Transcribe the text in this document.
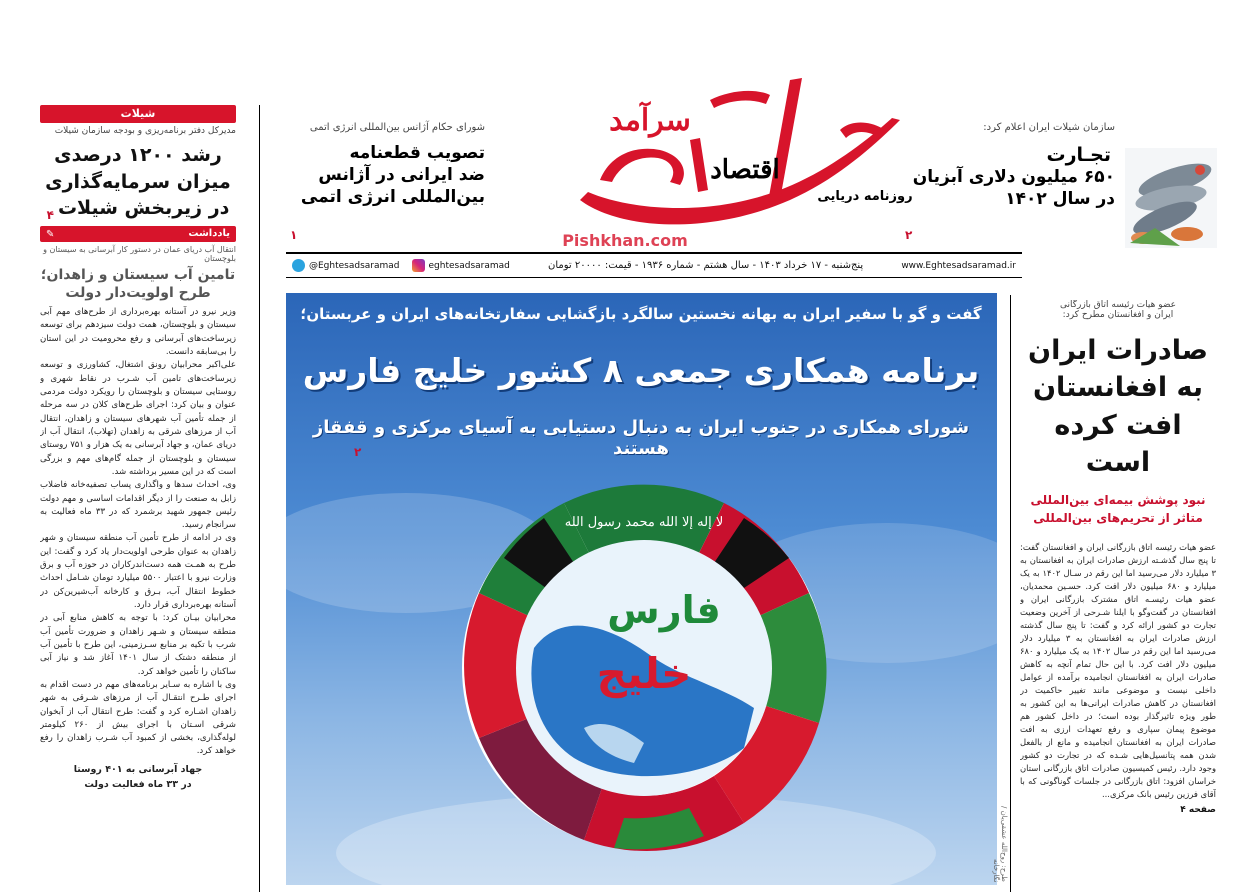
اقتصاد
روزنامه دریایی
سرآمد
Pishkhan.com
سازمان شیلات ایران اعلام کرد:
تجـارت
۶۵۰ میلیون دلاری آبزیان
در سال ۱۴۰۲
۲
شورای حکام آژانس بین‌المللی انرژی اتمی
تصویب قطعنامه
ضد ایرانی در آژانس
بین‌المللی انرژی اتمی
۱
www.Eghtesadsaramad.ir
پنج‌شنبه - ۱۷ خرداد ۱۴۰۳ - سال هشتم - شماره ۱۹۳۶ - قیمت: ۲۰۰۰۰ تومان
@Eghtesadsaramad	eghtesadsaramad
شیلات
مدیرکل دفتر برنامه‌ریزی و بودجه سازمان شیلات
رشد ۱۲۰۰ درصدی
میزان سرمایه‌گذاری
در زیربخش شیلات
۴
یادداشت
✎
انتقال آب دریای عمان در دستور کار آبرسانی به سیستان و بلوچستان
تامین آب سیستان و زاهدان؛
طرح اولویت‌دار دولت

وزیر نیرو در آستانه بهره‌برداری از طرح‌های مهم آبی سیستان و بلوچستان، همت دولت سیزدهم برای توسعه زیرساخت‌های آبرسانی و رفع محرومیت در این استان را بی‌سابقه دانست.

علی‌اکبر محرابیان رونق اشتغال، کشاورزی و توسعه زیرساخت‌های تامین آب شـرب در نقاط شهری و روستایی سیستان و بلوچستان را رویکرد دولت مردمی عنوان و بیان کرد: اجرای طرح‌های کلان در سه مرحله از جمله تأمین آب شهرهای سیستان و زاهدان، انتقال آب از مرزهای شرقی به زاهدان (تهلاب)، انتقال آب از دریای عمان، و جهاد آبرسانی به یک هزار و ۷۵۱ روستای سیستان و بلوچستان از جمله گام‌های مهم و بزرگی است که در این مسیر برداشته شد.

وی، احداث سدها و واگذاری پساب تصفیه‌خانه فاضلاب زابل به صنعت را از دیگر اقدامات اساسی و مهم دولت رئیس جمهور شهید برشمرد که در ۳۳ ماه فعالیت به سرانجام رسید.

وی در ادامه از طرح تأمین آب منطقه سیستان و شهر زاهدان به عنوان طرحی اولویت‌دار یاد کرد و گفت: این طرح به همـت همه دست‌اندرکاران در حوزه آب و برق وزارت نیرو با اعتبار ۵۵۰۰ میلیارد تومان شـامل احداث خطوط انتقال آب، بـرق و کارخانه آب‌شیرین‌کن در آستانه بهره‌برداری قرار دارد.

محرابیان بیـان کرد: با توجه به کاهش منابع آبی در منطقه سیستان و شـهر زاهدان و ضرورت تأمین آب شرب با تکیه بر منابع سـرزمینی، این طرح با تأمین آب از منطقه دشتک از سال ۱۴۰۱ آغاز شد و نیاز آبی ساکنان را تأمین خواهد کرد.

وی با اشاره به سـایر برنامه‌های مهم در دست اقدام به اجرای طـرح انتقـال آب از مرزهای شـرقی به شهر زاهدان اشـاره کرد و گفت: طرح انتقال آب از آبخوان شرقی اسـتان با اجرای بیش از ۲۶۰ کیلومتر لوله‌گذاری، بخشی از کمبود آب شـرب زاهدان را رفع خواهد کرد.

جهاد آبرسانی به ۴۰۱ روستا
در ۳۳ ماه فعالیت دولت
فارس
خلیج
لا إله إلا الله محمد رسول الله
گفت و گو با سفیر ایران به بهانه نخستین سالگرد بازگشایی سفارتخانه‌های ایران و عربستان؛
برنامه همکاری جمعی ۸ کشور خلیج فارس
شورای همکاری در جنوب ایران به دنبال دستیابی به آسیای مرکزی و قفقاز هستند
۲
طرح: روح‌الله عشقی‌یان / نگارخانه
عضو هیات رئیسه اتاق بازرگانی
ایران و افغانستان مطرح کرد:
صادرات ایران
به افغانستان
افت کرده است
نبود پوشش بیمه‌ای بین‌المللی
متاثر از تحریم‌های بین‌المللی
عضو هیات رئیسه اتاق بازرگانی ایران و افغانستان گفت: تا پنج سال گذشـته ارزش صادرات ایران به افغانستان به ۳ میلیارد دلار می‌رسید اما این رقم در سـال ۱۴۰۲ به یک میلیارد و ۶۸۰ میلیون دلار افت کرد. حسـین محمدیان، عضو هیات رئیسـه اتاق مشترک بازرگانی ایران و افغانستان در گفت‌وگو با ایلنا شـرحی از آخرین وضعیت تجارت دو کشور ارائه کرد و گفت: تا پنج سال گذشته ارزش صادرات ایران به افغانستان به ۳ میلیارد دلار می‌رسید اما این رقم در سال ۱۴۰۲ به یک میلیارد و ۶۸۰ میلیون دلار افت کرد. با این حال تمام آنچه به کاهش صادرات ایران به افغانستان انجامیده برآمده از عوامل داخلی نیست و موضوعی مانند تغییر حاکمیت در افغانستان در کاهش صادرات ایرانی‌ها به این کشور به طور ویژه تاثیرگذار بوده است؛ در داخل کشور هم موضوع پیمان سپاری و رفع تعهدات ارزی به افت صادرات ایران به افغانستان انجامیده و مانع از بالفعل شدن همه پتانسیل‌هایی شـده که در تجارت دو کشور وجود دارد. رئیس کمیسیون صادرات اتاق بازرگانی استان خراسان افزود: اتاق بازرگانی در جلسات گوناگونی که با آقای فرزین رئیس بانک مرکزی...
صفحه ۴
